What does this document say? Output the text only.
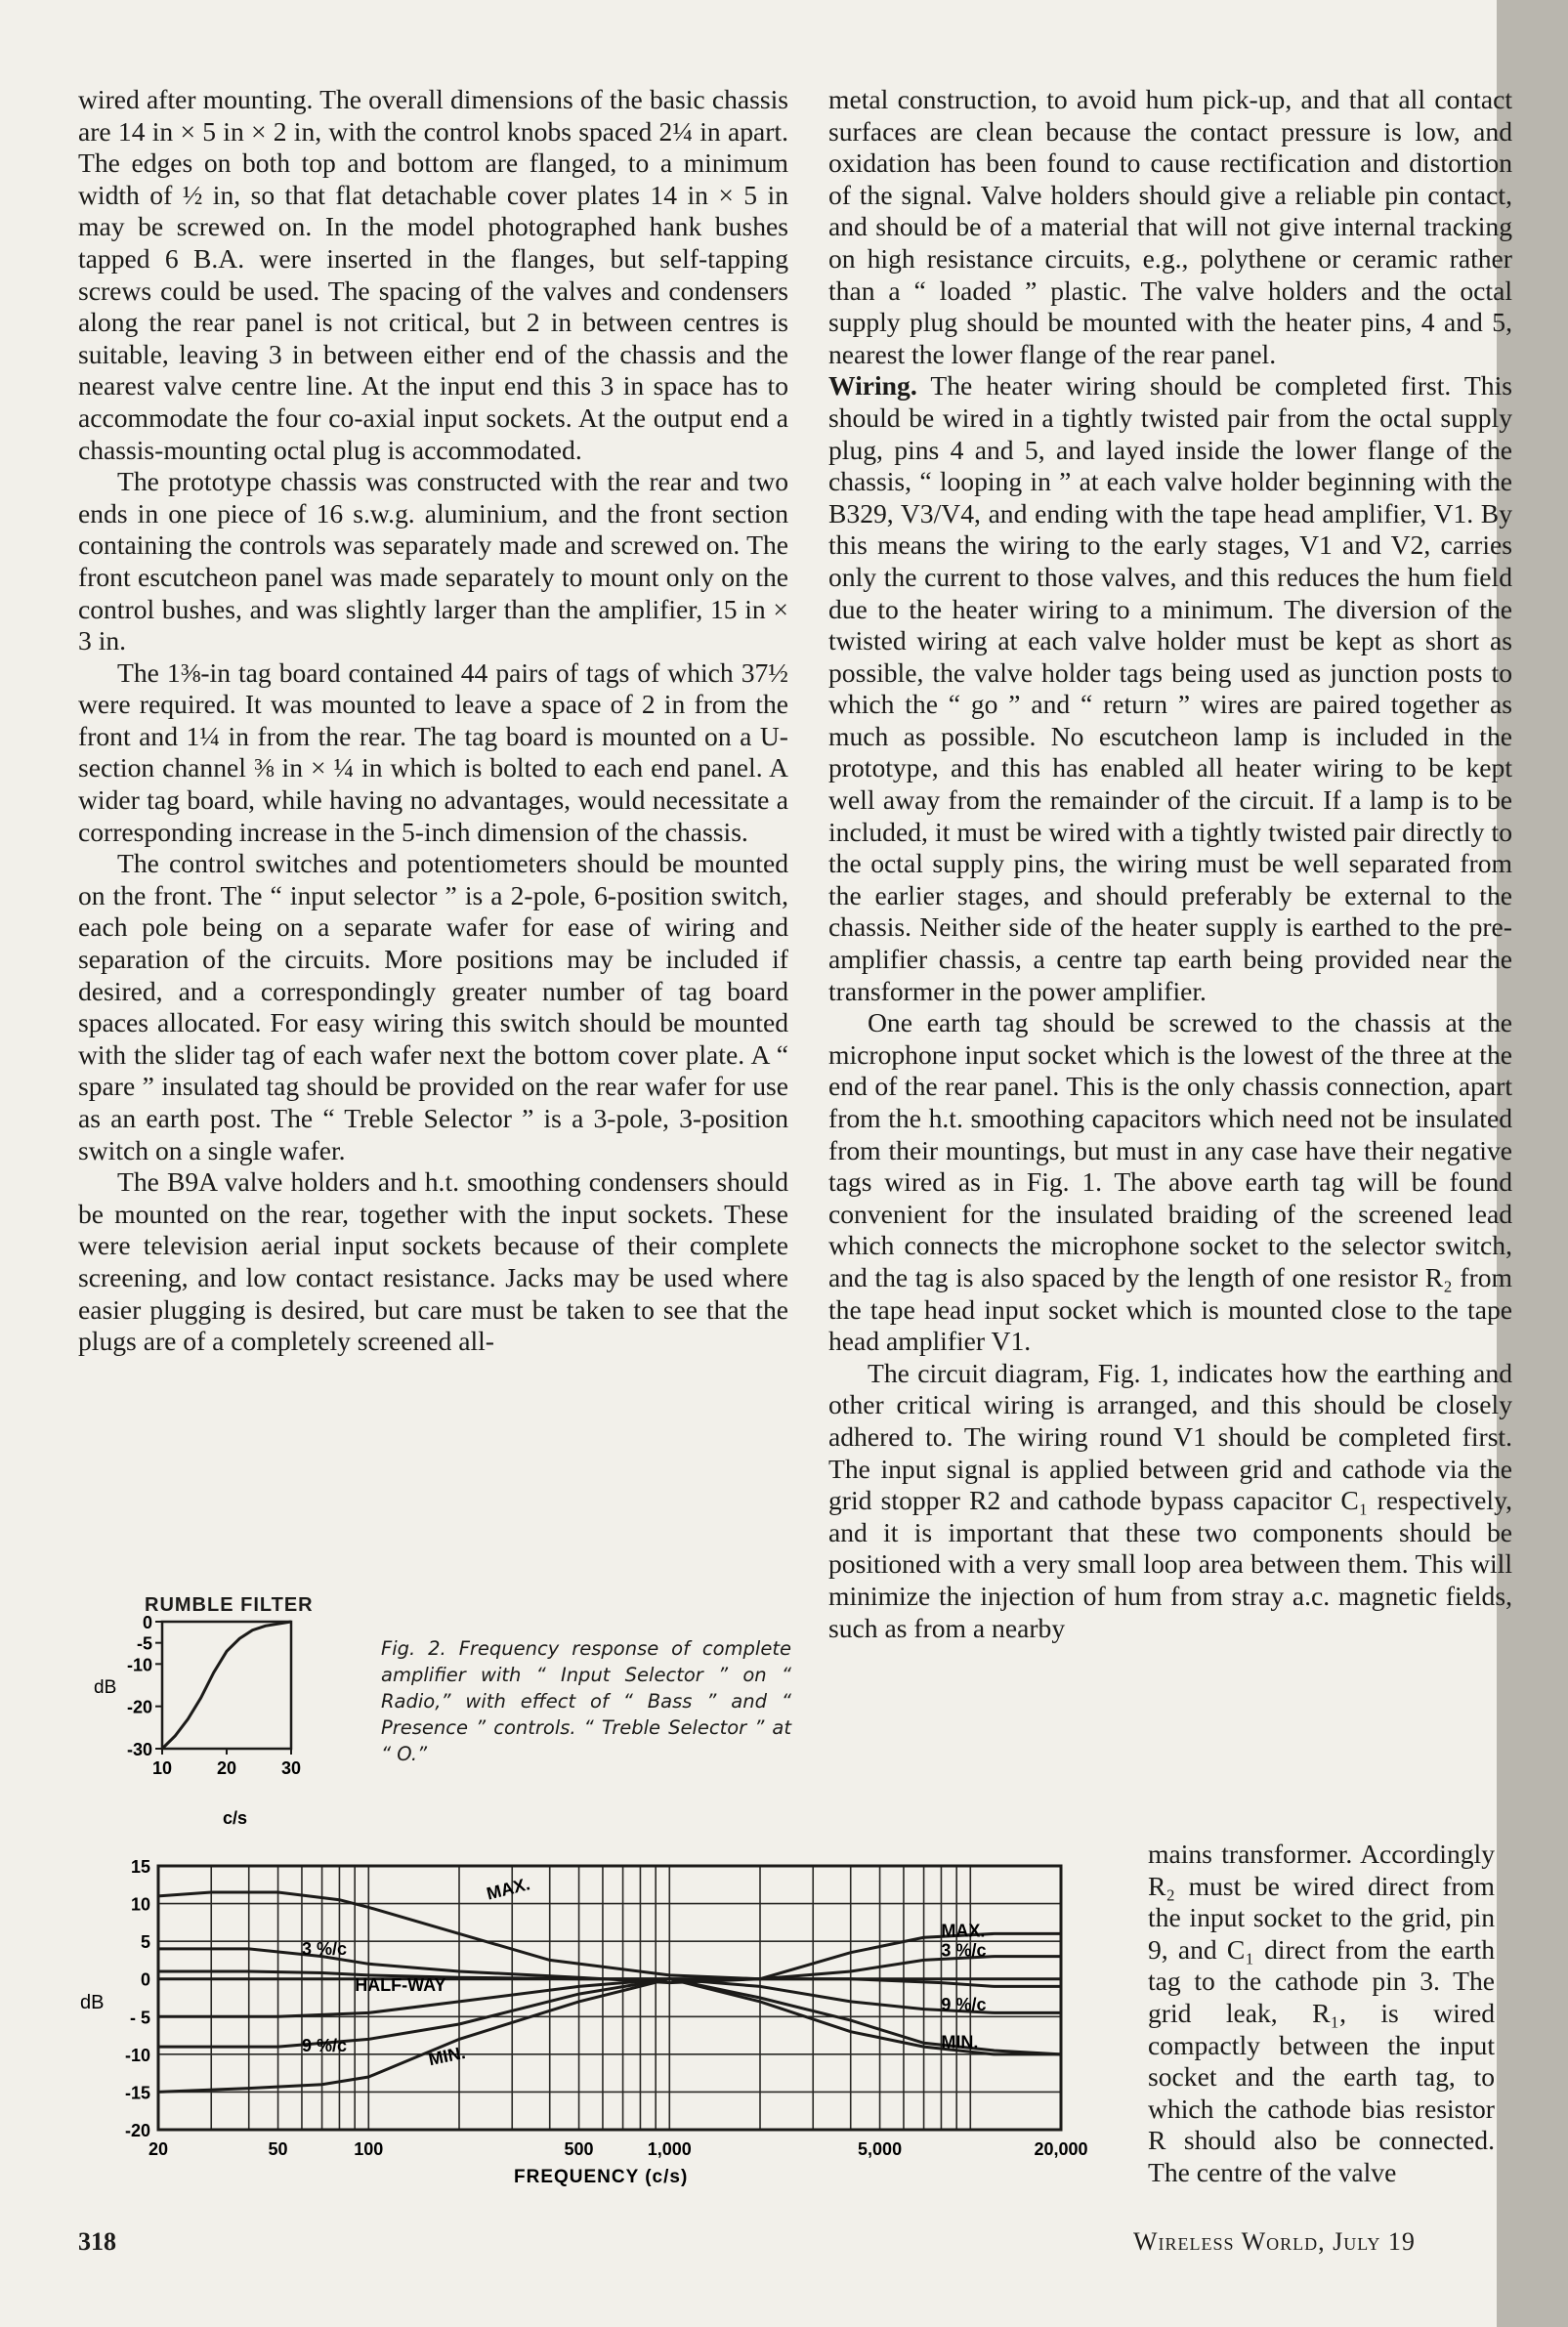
wired after mounting. The overall dimensions of the basic chassis are 14 in × 5 in × 2 in, with the control knobs spaced 2¼ in apart. The edges on both top and bottom are flanged, to a minimum width of ½ in, so that flat detachable cover plates 14 in × 5 in may be screwed on. In the model photographed hank bushes tapped 6 B.A. were inserted in the flanges, but self-tapping screws could be used. The spacing of the valves and condensers along the rear panel is not critical, but 2 in between centres is suitable, leaving 3 in between either end of the chassis and the nearest valve centre line. At the input end this 3 in space has to accommodate the four co-axial input sockets. At the output end a chassis-mounting octal plug is accommodated.

The prototype chassis was constructed with the rear and two ends in one piece of 16 s.w.g. aluminium, and the front section containing the controls was separately made and screwed on. The front escutcheon panel was made separately to mount only on the control bushes, and was slightly larger than the amplifier, 15 in × 3 in.

The 1⅜-in tag board contained 44 pairs of tags of which 37½ were required. It was mounted to leave a space of 2 in from the front and 1¼ in from the rear. The tag board is mounted on a U-section channel ⅜ in × ¼ in which is bolted to each end panel. A wider tag board, while having no advantages, would necessitate a corresponding increase in the 5-inch dimension of the chassis.

The control switches and potentiometers should be mounted on the front. The “ input selector ” is a 2-pole, 6-position switch, each pole being on a separate wafer for ease of wiring and separation of the circuits. More positions may be included if desired, and a correspondingly greater number of tag board spaces allocated. For easy wiring this switch should be mounted with the slider tag of each wafer next the bottom cover plate. A “ spare ” insulated tag should be provided on the rear wafer for use as an earth post. The “ Treble Selector ” is a 3-pole, 3-position switch on a single wafer.

The B9A valve holders and h.t. smoothing condensers should be mounted on the rear, together with the input sockets. These were television aerial input sockets because of their complete screening, and low contact resistance. Jacks may be used where easier plugging is desired, but care must be taken to see that the plugs are of a completely screened all-

metal construction, to avoid hum pick-up, and that all contact surfaces are clean because the contact pressure is low, and oxidation has been found to cause rectification and distortion of the signal. Valve holders should give a reliable pin contact, and should be of a material that will not give internal tracking on high resistance circuits, e.g., polythene or ceramic rather than a “ loaded ” plastic. The valve holders and the octal supply plug should be mounted with the heater pins, 4 and 5, nearest the lower flange of the rear panel.

Wiring. The heater wiring should be completed first. This should be wired in a tightly twisted pair from the octal supply plug, pins 4 and 5, and layed inside the lower flange of the chassis, “ looping in ” at each valve holder beginning with the B329, V3/V4, and ending with the tape head amplifier, V1. By this means the wiring to the early stages, V1 and V2, carries only the current to those valves, and this reduces the hum field due to the heater wiring to a minimum. The diversion of the twisted wiring at each valve holder must be kept as short as possible, the valve holder tags being used as junction posts to which the “ go ” and “ return ” wires are paired together as much as possible. No escutcheon lamp is included in the prototype, and this has enabled all heater wiring to be kept well away from the remainder of the circuit. If a lamp is to be included, it must be wired with a tightly twisted pair directly to the octal supply pins, the wiring must be well separated from the earlier stages, and should preferably be external to the chassis. Neither side of the heater supply is earthed to the pre-amplifier chassis, a centre tap earth being provided near the transformer in the power amplifier.

One earth tag should be screwed to the chassis at the microphone input socket which is the lowest of the three at the end of the rear panel. This is the only chassis connection, apart from the h.t. smoothing capacitors which need not be insulated from their mountings, but must in any case have their negative tags wired as in Fig. 1. The above earth tag will be found convenient for the insulated braiding of the screened lead which connects the microphone socket to the selector switch, and the tag is also spaced by the length of one resistor R₂ from the tape head input socket which is mounted close to the tape head amplifier V1.

The circuit diagram, Fig. 1, indicates how the earthing and other critical wiring is arranged, and this should be closely adhered to. The wiring round V1 should be completed first. The input signal is applied between grid and cathode via the grid stopper R2 and cathode bypass capacitor C₁ respectively, and it is important that these two components should be positioned with a very small loop area between them. This will minimize the injection of hum from stray a.c. magnetic fields, such as from a nearby

RUMBLE FILTER
0
-5
-10
-20
-30
10	20	30
dB
c/s
Fig. 2. Frequency response of complete amplifier with “ Input Selector ” on “ Radio,” with effect of “ Bass ” and “ Presence ” controls. “ Treble Selector ” at “ O.”
15
10
5
0
- 5
-10
-15
-20
20	50	100	500	1,000	5,000	20,000
MAX.
3 %/c
HALF-WAY
9 %/c	MIN.
MAX.
3 %/c
9 %/c
MIN.
dB
FREQUENCY (c/s)
mains transformer. Accordingly R₂ must be wired direct from the input socket to the grid, pin 9, and C₁ direct from the earth tag to the cathode pin 3. The grid leak, R₁, is wired compactly between the input socket and the earth tag, to which the cathode bias resistor R should also be connected. The centre of the valve
318	Wireless World, July 19
